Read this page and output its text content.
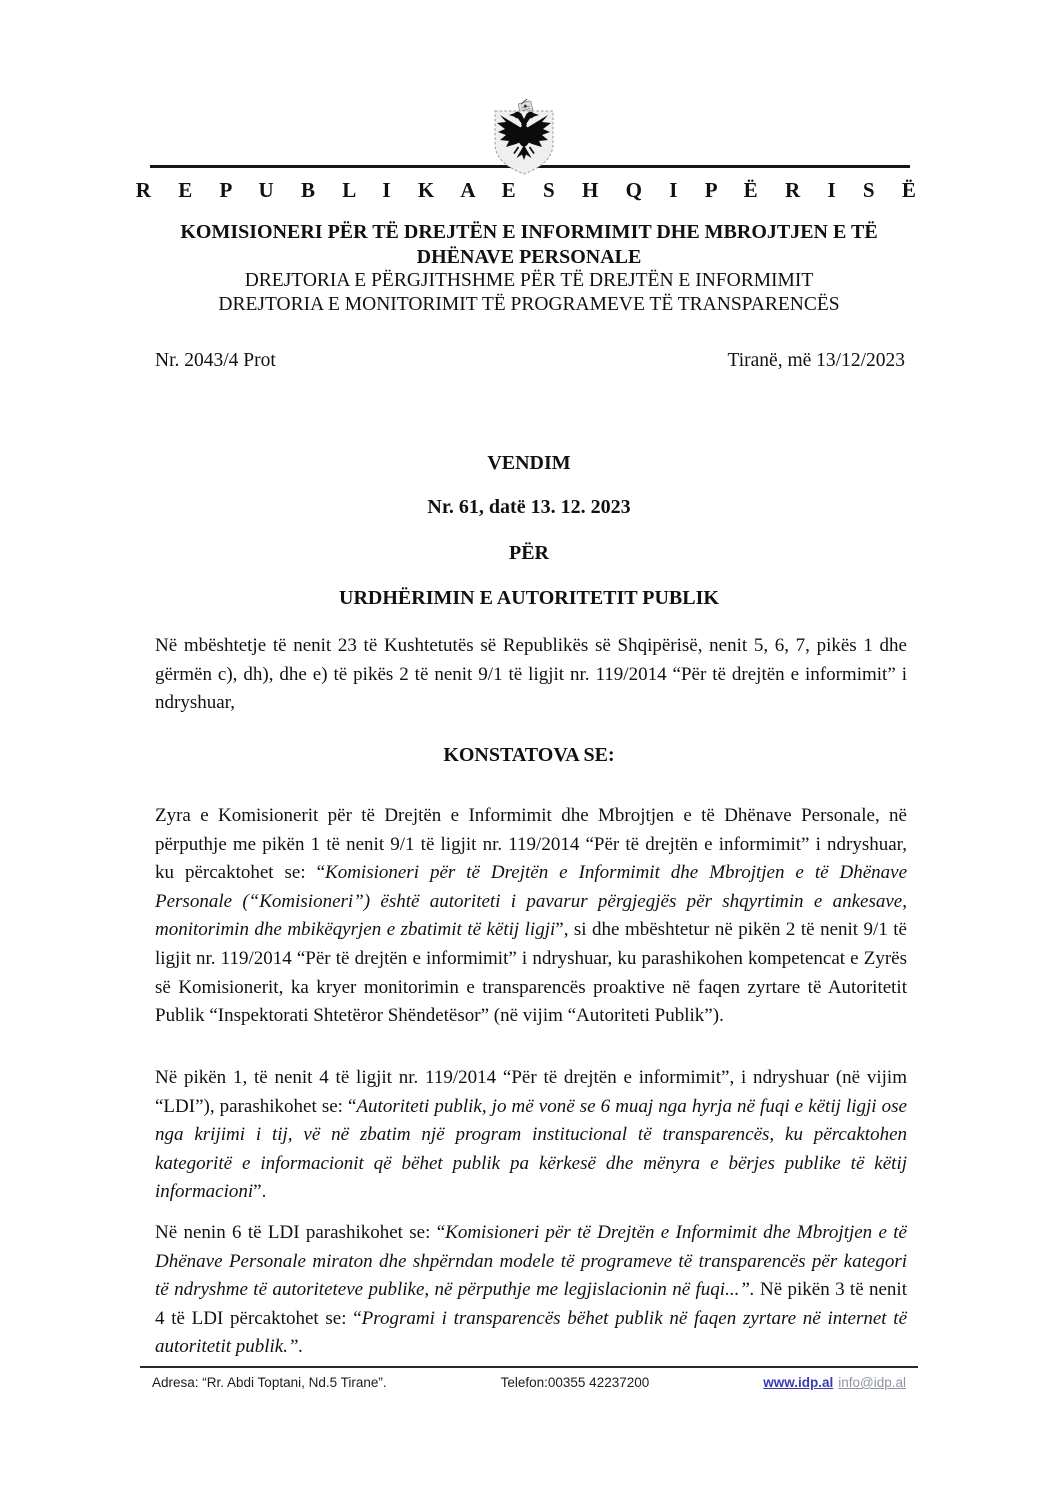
R E P U B L I K A E S H Q I P Ë R I S Ë
KOMISIONERI PËR TË DREJTËN E INFORMIMIT DHE MBROJTJEN E TË DHËNAVE PERSONALE
DREJTORIA E PËRGJITHSHME PËR TË DREJTËN E INFORMIMIT
DREJTORIA E MONITORIMIT TË PROGRAMEVE TË TRANSPARENCËS
Nr. 2043/4 Prot	Tiranë, më 13/12/2023
VENDIM
Nr. 61, datë 13. 12. 2023
PËR
URDHËRIMIN E AUTORITETIT PUBLIK
Në mbështetje të nenit 23 të Kushtetutës së Republikës së Shqipërisë, nenit 5, 6, 7, pikës 1 dhe gërmën c), dh), dhe e) të pikës 2 të nenit 9/1 të ligjit nr. 119/2014 “Për të drejtën e informimit” i ndryshuar,
KONSTATOVA SE:
Zyra e Komisionerit për të Drejtën e Informimit dhe Mbrojtjen e të Dhënave Personale, në përputhje me pikën 1 të nenit 9/1 të ligjit nr. 119/2014 “Për të drejtën e informimit” i ndryshuar, ku përcaktohet se: “Komisioneri për të Drejtën e Informimit dhe Mbrojtjen e të Dhënave Personale (“Komisioneri”) është autoriteti i pavarur përgjegjës për shqyrtimin e ankesave, monitorimin dhe mbikëqyrjen e zbatimit të këtij ligji”, si dhe mbështetur në pikën 2 të nenit 9/1 të ligjit nr. 119/2014 “Për të drejtën e informimit” i ndryshuar, ku parashikohen kompetencat e Zyrës së Komisionerit, ka kryer monitorimin e transparencës proaktive në faqen zyrtare të Autoritetit Publik “Inspektorati Shtetëror Shëndetësor” (në vijim “Autoriteti Publik”).
Në pikën 1, të nenit 4 të ligjit nr. 119/2014 “Për të drejtën e informimit”, i ndryshuar (në vijim “LDI”), parashikohet se: “Autoriteti publik, jo më vonë se 6 muaj nga hyrja në fuqi e këtij ligji ose nga krijimi i tij, vë në zbatim një program institucional të transparencës, ku përcaktohen kategoritë e informacionit që bëhet publik pa kërkesë dhe mënyra e bërjes publike të këtij informacioni”.
Në nenin 6 të LDI parashikohet se: “Komisioneri për të Drejtën e Informimit dhe Mbrojtjen e të Dhënave Personale miraton dhe shpërndan modele të programeve të transparencës për kategori të ndryshme të autoriteteve publike, në përputhje me legjislacionin në fuqi...”. Në pikën 3 të nenit 4 të LDI përcaktohet se: “Programi i transparencës bëhet publik në faqen zyrtare në internet të autoritetit publik.”.
Adresa: “Rr. Abdi Toptani, Nd.5 Tirane”.	Telefon:00355 42237200	www.idp.al info@idp.al
